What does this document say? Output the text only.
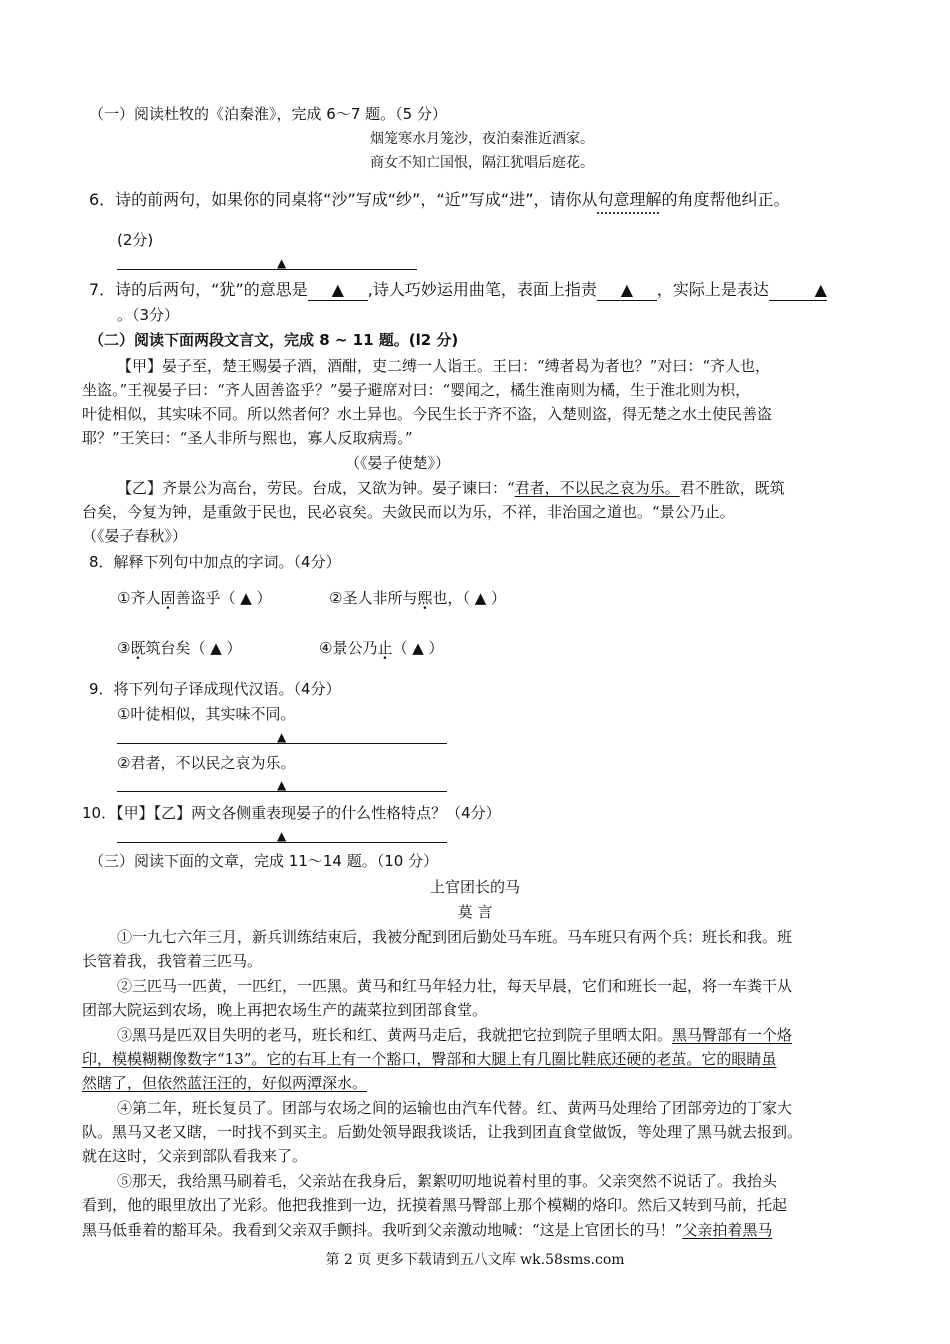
（一）阅读杜牧的《泊秦淮》，完成 6～7 题。（5 分）
烟笼寒水月笼沙，夜泊秦淮近酒家。
商女不知亡国恨，隔江犹唱后庭花。
6．诗的前两句，如果你的同桌将“沙”写成“纱”，“近”写成“进”，请你从句意理解的角度帮他纠正。
(2分)
▲
7．诗的后两句，“犹”的意思是 ▲ ,诗人巧妙运用曲笔，表面上指责 ▲ ，实际上是表达	▲
。（3分）
（二）阅读下面两段文言文，完成 8 ~ 11 题。(l2 分)
【甲】晏子至，楚王赐晏子酒，酒酣，吏二缚一人诣王。王曰：“缚者曷为者也？”对曰：“齐人也，
坐盗。”王视晏子曰：“齐人固善盗乎？”晏子避席对曰：“婴闻之，橘生淮南则为橘，生于淮北则为枳，
叶徒相似，其实味不同。所以然者何？水土异也。今民生长于齐不盗，入楚则盗，得无楚之水土使民善盗
耶？”王笑曰：“圣人非所与熙也，寡人反取病焉。”
（《晏子使楚》）
【乙】齐景公为高台，劳民。台成，又欲为钟。晏子谏曰：“君者，不以民之哀为乐。君不胜欲，既筑
台矣，今复为钟，是重敛于民也，民必哀矣。夫敛民而以为乐，不祥，非治国之道也。“景公乃止。
（《晏子春秋》）
8．解释下列句中加点的字词。（4分）
①齐人固善盗乎（ ▲ ）	②圣人非所与熙也，（ ▲ ）
③既筑台矣（ ▲ ）	④景公乃止（ ▲ ）
9．将下列句子译成现代汉语。（4分）
①叶徒相似，其实味不同。
▲
②君者，不以民之哀为乐。
▲
10．【甲】【乙】两文各侧重表现晏子的什么性格特点？（4分）
▲
（三）阅读下面的文章，完成 11～14 题。（10 分）
上官团长的马
莫 言
①一九七六年三月，新兵训练结束后，我被分配到团后勤处马车班。马车班只有两个兵：班长和我。班
长管着我，我管着三匹马。
②三匹马一匹黄，一匹红，一匹黑。黄马和红马年轻力壮，每天早晨，它们和班长一起，将一车粪干从
团部大院运到农场，晚上再把农场生产的蔬菜拉到团部食堂。
③黑马是匹双目失明的老马，班长和红、黄两马走后，我就把它拉到院子里晒太阳。黑马臀部有一个烙
印，模模糊糊像数字“13”。它的右耳上有一个豁口，臀部和大腿上有几圈比鞋底还硬的老茧。它的眼睛虽
然瞎了，但依然蓝汪汪的，好似两潭深水。
④第二年，班长复员了。团部与农场之间的运输也由汽车代替。红、黄两马处理给了团部旁边的丁家大
队。黑马又老又瞎，一时找不到买主。后勤处领导跟我谈话，让我到团直食堂做饭，等处理了黑马就去报到。
就在这时，父亲到部队看我来了。
⑤那天，我给黑马刷着毛，父亲站在我身后，絮絮叨叨地说着村里的事。父亲突然不说话了。我抬头
看到，他的眼里放出了光彩。他把我推到一边，抚摸着黑马臀部上那个模糊的烙印。然后又转到马前，托起
黑马低垂着的豁耳朵。我看到父亲双手颤抖。我听到父亲激动地喊：“这是上官团长的马！”父亲拍着黑马
第 2 页 更多下载请到五八文库 wk.58sms.com
